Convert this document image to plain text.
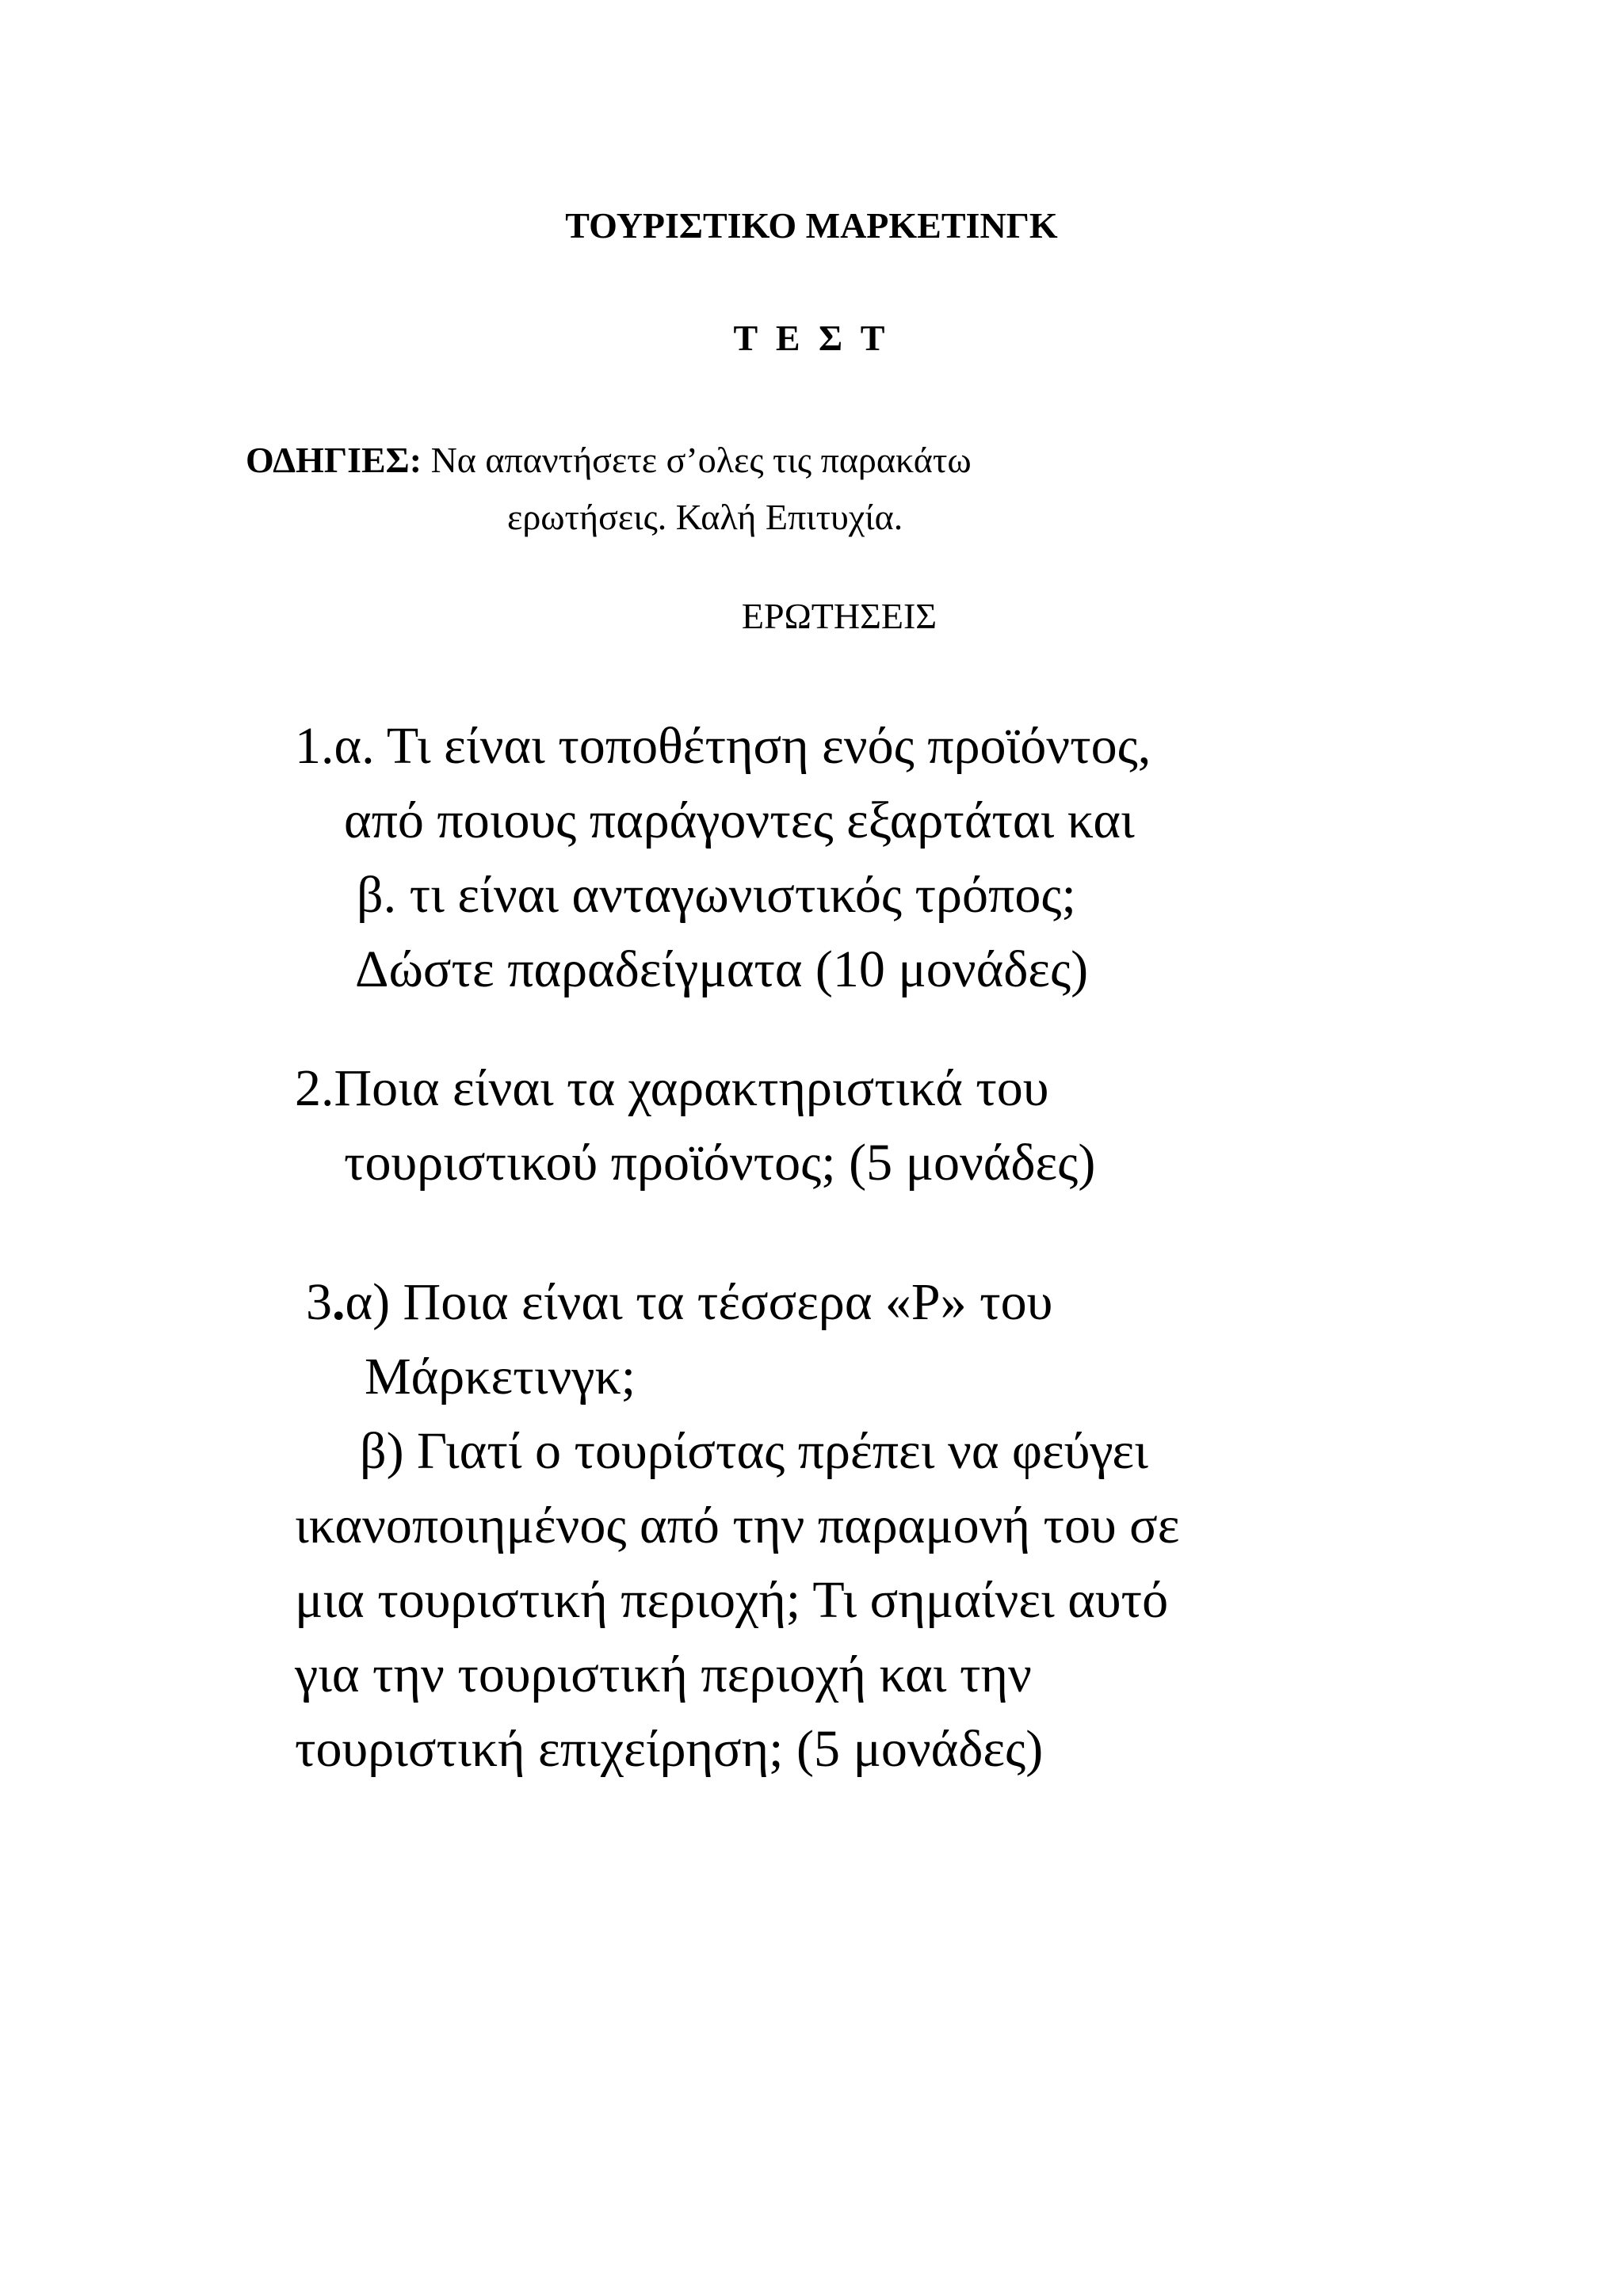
ΤΟΥΡΙΣΤΙΚΟ ΜΑΡΚΕΤΙΝΓΚ
Τ Ε Σ Τ
ΟΔΗΓΙΕΣ: Να απαντήσετε σ’ολες τις παρακάτω
ερωτήσεις. Καλή Επιτυχία.
ΕΡΩΤΗΣΕΙΣ
1.α. Τι είναι τοποθέτηση ενός προϊόντος,
από ποιους παράγοντες εξαρτάται και
β. τι είναι ανταγωνιστικός τρόπος;
Δώστε παραδείγματα (10 μονάδες)
2.Ποια είναι τα χαρακτηριστικά του
τουριστικού προϊόντος; (5 μονάδες)
3.α) Ποια είναι τα τέσσερα «Ρ» του
Μάρκετινγκ;
β) Γιατί ο τουρίστας πρέπει να φεύγει
ικανοποιημένος από την παραμονή του σε
μια τουριστική περιοχή; Τι σημαίνει αυτό
για την τουριστική περιοχή και την
τουριστική επιχείρηση; (5 μονάδες)
